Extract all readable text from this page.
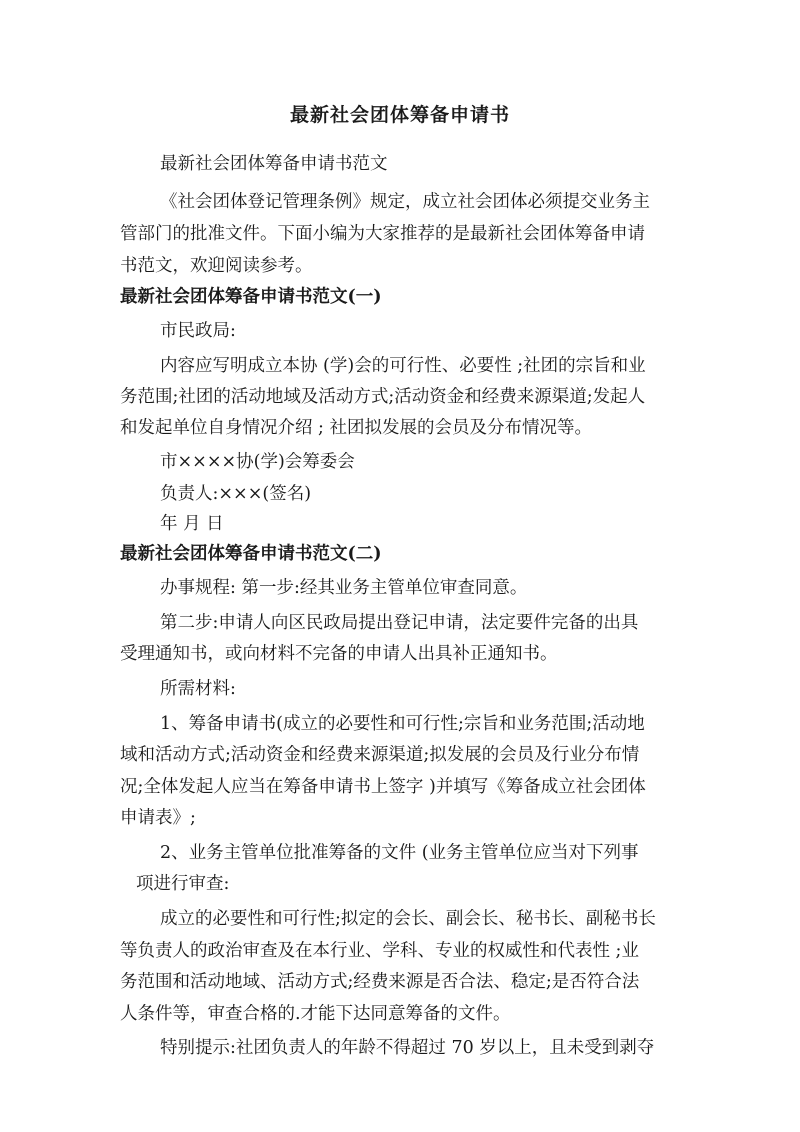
最新社会团体筹备申请书
最新社会团体筹备申请书范文
《社会团体登记管理条例》规定，成立社会团体必须提交业务主
管部门的批准文件。下面小编为大家推荐的是最新社会团体筹备申请
书范文，欢迎阅读参考。
最新社会团体筹备申请书范文(一)
市民政局:
内容应写明成立本协 (学)会的可行性、必要性 ;社团的宗旨和业
务范围;社团的活动地域及活动方式;活动资金和经费来源渠道;发起人
和发起单位自身情况介绍 ; 社团拟发展的会员及分布情况等。
市××××协(学)会筹委会
负责人:×××(签名)
年 月 日
最新社会团体筹备申请书范文(二)
办事规程: 第一步:经其业务主管单位审查同意。
第二步:申请人向区民政局提出登记申请，法定要件完备的出具
受理通知书，或向材料不完备的申请人出具补正通知书。
所需材料:
1、筹备申请书(成立的必要性和可行性;宗旨和业务范围;活动地
域和活动方式;活动资金和经费来源渠道;拟发展的会员及行业分布情
况;全体发起人应当在筹备申请书上签字 )并填写《筹备成立社会团体
申请表》;
2、业务主管单位批准筹备的文件 (业务主管单位应当对下列事
项进行审查:
成立的必要性和可行性;拟定的会长、副会长、秘书长、副秘书长
等负责人的政治审查及在本行业、学科、专业的权威性和代表性 ;业
务范围和活动地域、活动方式;经费来源是否合法、稳定;是否符合法
人条件等，审查合格的.才能下达同意筹备的文件。
特别提示:社团负责人的年龄不得超过 70 岁以上，且未受到剥夺
